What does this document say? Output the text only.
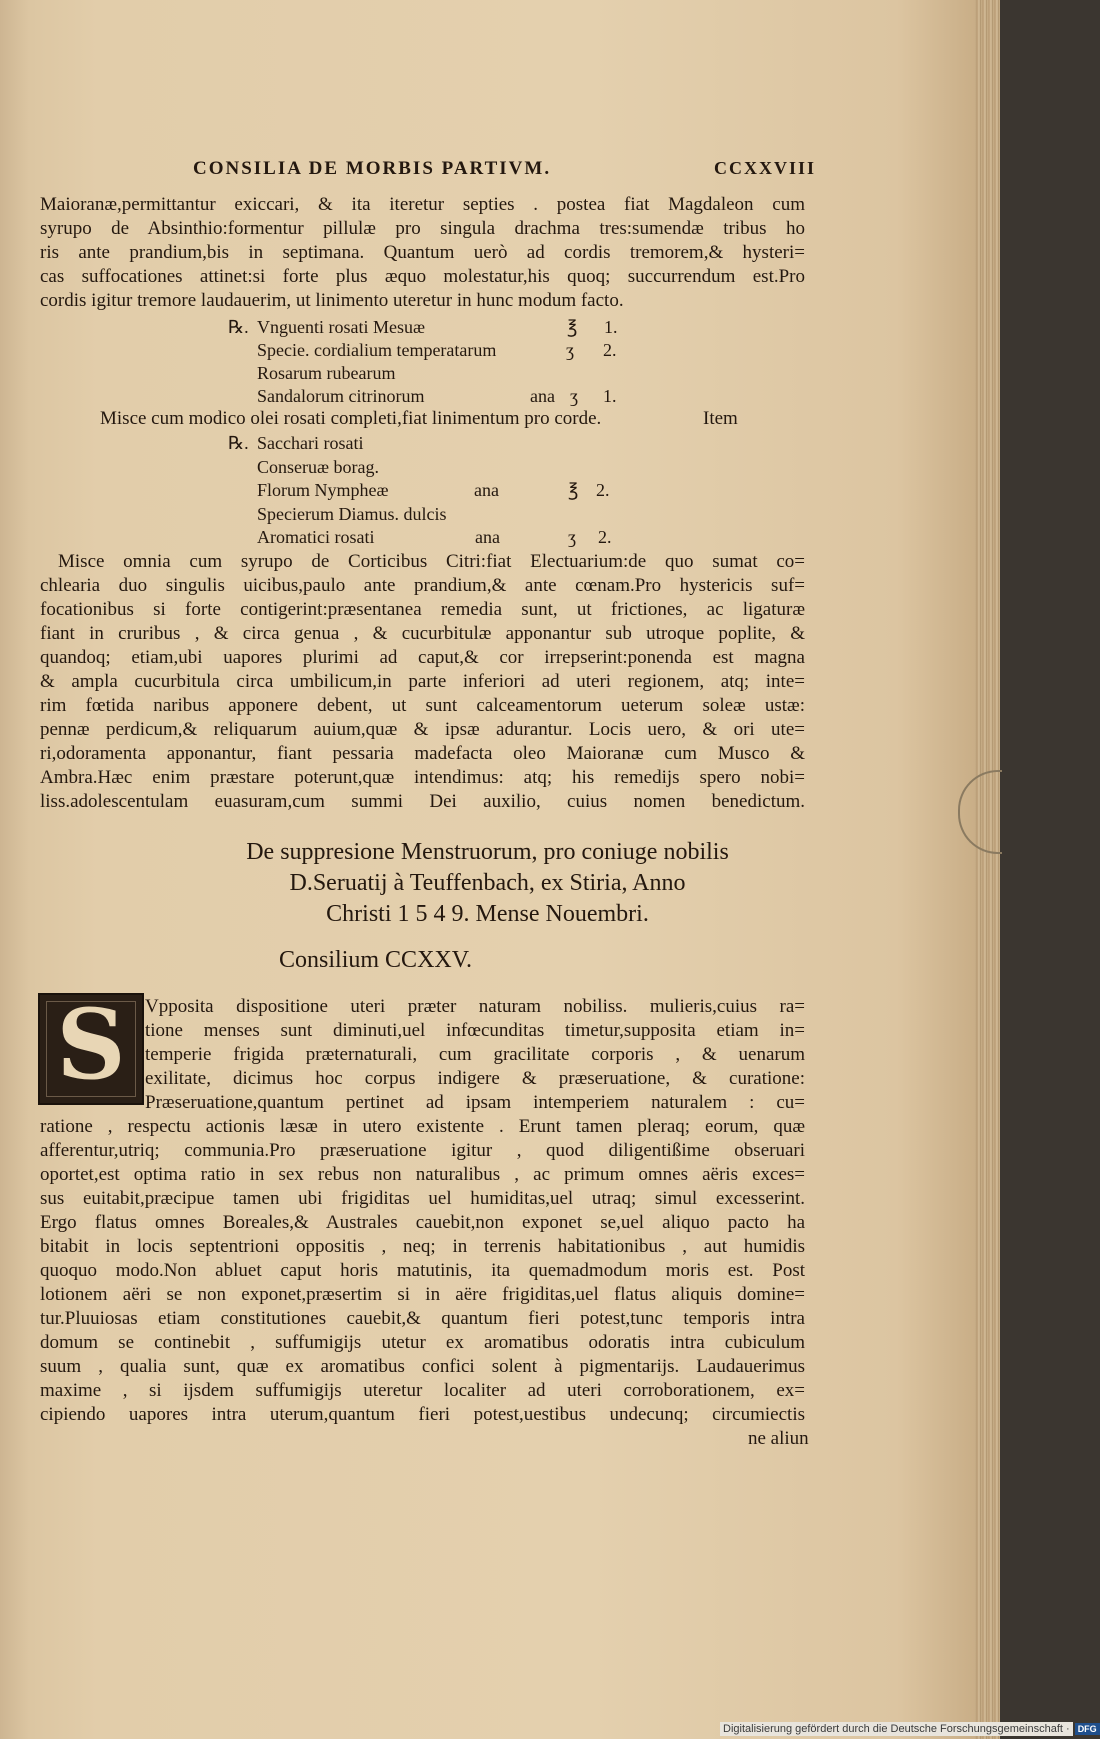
CONSILIA DE MORBIS PARTIVM.	CCXXVIII
Maioranæ,permittantur exiccari, & ita iteretur septies . postea fiat Magdaleon cum
syrupo de Absinthio:formentur pillulæ pro singula drachma tres:sumendæ tribus ho
ris ante prandium,bis in septimana. Quantum uerò ad cordis tremorem,& hysteri=
cas suffocationes attinet:si forte plus æquo molestatur,his quoq; succurrendum est.Pro
cordis igitur tremore laudauerim, ut linimento uteretur in hunc modum facto.
℞. Vnguenti rosati Mesuæ	℥ 1.
Specie. cordialium temperatarum	ʒ 2.
Rosarum rubearum
Sandalorum citrinorum	ana ʒ 1.
Misce cum modico olei rosati completi,fiat linimentum pro corde.	Item
℞. Sacchari rosati
Conseruæ borag.
Florum Nympheæ	ana	℥ 2.
Specierum Diamus. dulcis
Aromatici rosati	ana	ʒ 2.
Misce omnia cum syrupo de Corticibus Citri:fiat Electuarium:de quo sumat co=
chlearia duo singulis uicibus,paulo ante prandium,& ante cœnam.Pro hystericis suf=
focationibus si forte contigerint:præsentanea remedia sunt, ut frictiones, ac ligaturæ
fiant in cruribus , & circa genua , & cucurbitulæ apponantur sub utroque poplite, &
quandoq; etiam,ubi uapores plurimi ad caput,& cor irrepserint:ponenda est magna
& ampla cucurbitula circa umbilicum,in parte inferiori ad uteri regionem, atq; inte=
rim fœtida naribus apponere debent, ut sunt calceamentorum ueterum soleæ ustæ:
pennæ perdicum,& reliquarum auium,quæ & ipsæ adurantur. Locis uero, & ori ute=
ri,odoramenta apponantur, fiant pessaria madefacta oleo Maioranæ cum Musco &
Ambra.Hæc enim præstare poterunt,quæ intendimus: atq; his remedijs spero nobi=
liss.adolescentulam euasuram,cum summi Dei auxilio, cuius nomen benedictum.
De suppresione Menstruorum, pro coniuge nobilis
D.Seruatij à Teuffenbach, ex Stiria, Anno
Christi 1 5 4 9. Mense Nouembri.
Consilium CCXXV.
S	Vpposita dispositione uteri præter naturam nobiliss. mulieris,cuius ra=
tione menses sunt diminuti,uel infœcunditas timetur,supposita etiam in=
temperie frigida præternaturali, cum gracilitate corporis , & uenarum
exilitate, dicimus hoc corpus indigere & præseruatione, & curatione:
Præseruatione,quantum pertinet ad ipsam intemperiem naturalem : cu=
ratione , respectu actionis læsæ in utero existente . Erunt tamen pleraq; eorum, quæ
afferentur,utriq; communia.Pro præseruatione igitur , quod diligentißime obseruari
oportet,est optima ratio in sex rebus non naturalibus , ac primum omnes aëris exces=
sus euitabit,præcipue tamen ubi frigiditas uel humiditas,uel utraq; simul excesserint.
Ergo flatus omnes Boreales,& Australes cauebit,non exponet se,uel aliquo pacto ha
bitabit in locis septentrioni oppositis , neq; in terrenis habitationibus , aut humidis
quoquo modo.Non abluet caput horis matutinis, ita quemadmodum moris est. Post
lotionem aëri se non exponet,præsertim si in aëre frigiditas,uel flatus aliquis domine=
tur.Pluuiosas etiam constitutiones cauebit,& quantum fieri potest,tunc temporis intra
domum se continebit , suffumigijs utetur ex aromatibus odoratis intra cubiculum
suum , qualia sunt, quæ ex aromatibus confici solent à pigmentarijs. Laudauerimus
maxime , si ijsdem suffumigijs uteretur localiter ad uteri corroborationem, ex=
cipiendo uapores intra uterum,quantum fieri potest,uestibus undecunq; circumiectis
ne aliun
Digitalisierung gefördert durch die Deutsche Forschungsgemeinschaft · DFG
